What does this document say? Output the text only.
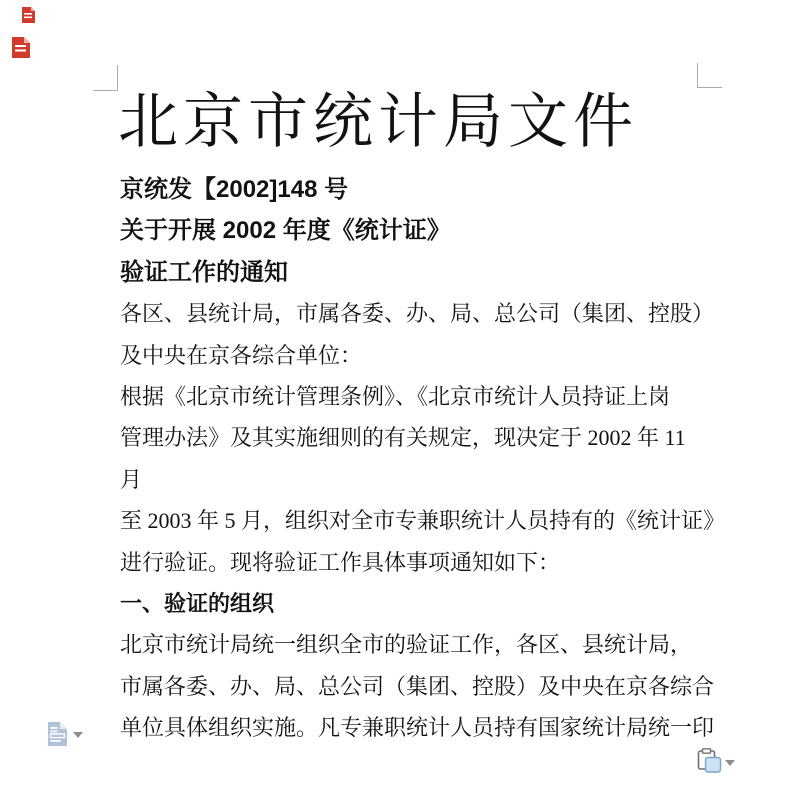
北京市统计局文件
京统发【2002]148 号
关于开展 2002 年度《统计证》
验证工作的通知
各区、县统计局，市属各委、办、局、总公司（集团、控股）
及中央在京各综合单位：
根据《北京市统计管理条例》、《北京市统计人员持证上岗
管理办法》及其实施细则的有关规定，现决定于 2002 年 11
月
至 2003 年 5 月，组织对全市专兼职统计人员持有的《统计证》
进行验证。现将验证工作具体事项通知如下：
一、验证的组织
北京市统计局统一组织全市的验证工作，各区、县统计局，
市属各委、办、局、总公司（集团、控股）及中央在京各综合
单位具体组织实施。凡专兼职统计人员持有国家统计局统一印
